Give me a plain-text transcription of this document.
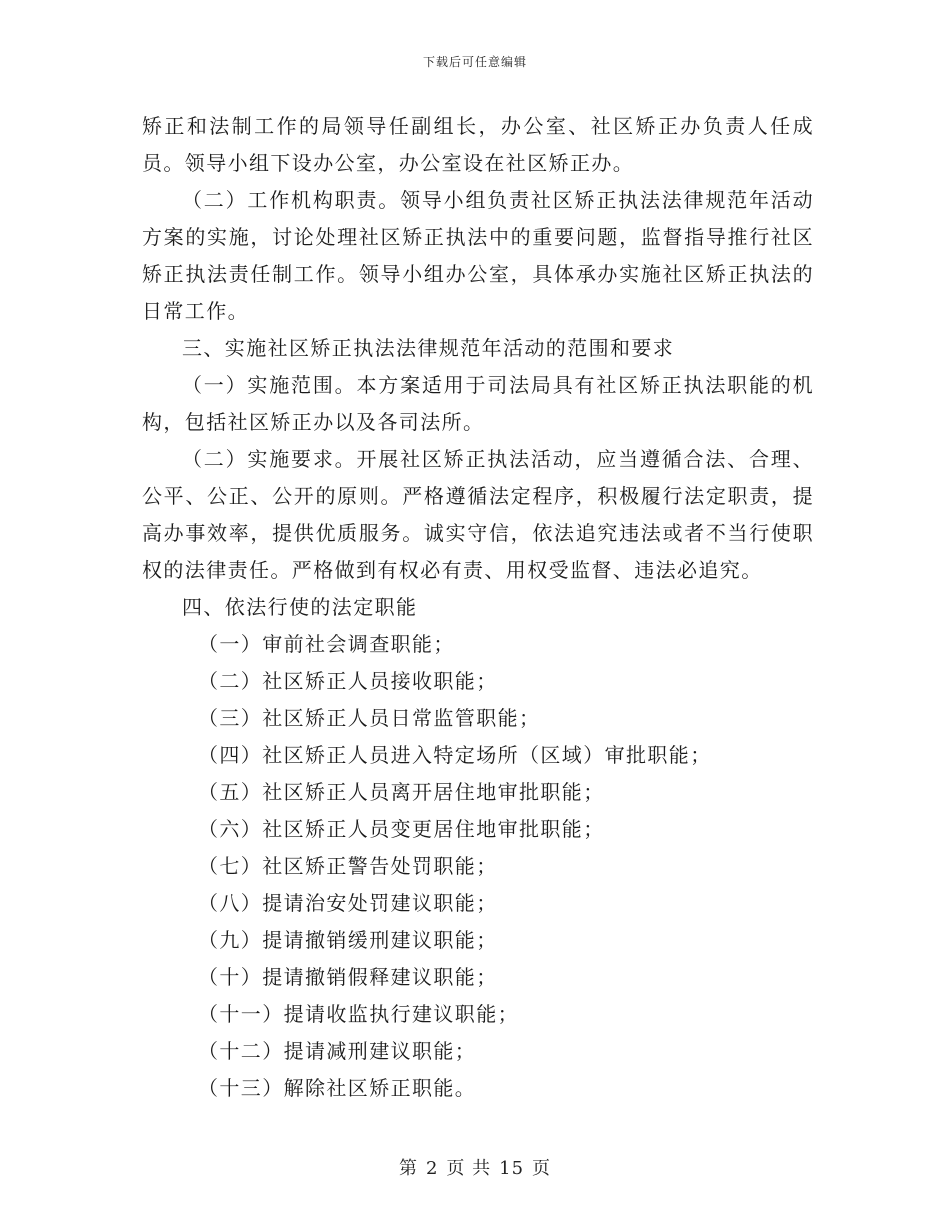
下载后可任意编辑

矫正和法制工作的局领导任副组长，办公室、社区矫正办负责人任成员。领导小组下设办公室，办公室设在社区矫正办。

（二）工作机构职责。领导小组负责社区矫正执法法律规范年活动方案的实施，讨论处理社区矫正执法中的重要问题，监督指导推行社区矫正执法责任制工作。领导小组办公室，具体承办实施社区矫正执法的日常工作。

三、实施社区矫正执法法律规范年活动的范围和要求

（一）实施范围。本方案适用于司法局具有社区矫正执法职能的机构，包括社区矫正办以及各司法所。

（二）实施要求。开展社区矫正执法活动，应当遵循合法、合理、公平、公正、公开的原则。严格遵循法定程序，积极履行法定职责，提高办事效率，提供优质服务。诚实守信，依法追究违法或者不当行使职权的法律责任。严格做到有权必有责、用权受监督、违法必追究。

四、依法行使的法定职能

（一）审前社会调查职能；

（二）社区矫正人员接收职能；

（三）社区矫正人员日常监管职能；

（四）社区矫正人员进入特定场所（区域）审批职能；

（五）社区矫正人员离开居住地审批职能；

（六）社区矫正人员变更居住地审批职能；

（七）社区矫正警告处罚职能；

（八）提请治安处罚建议职能；

（九）提请撤销缓刑建议职能；

（十）提请撤销假释建议职能；

（十一）提请收监执行建议职能；

（十二）提请减刑建议职能；

（十三）解除社区矫正职能。

第 2 页 共 15 页
